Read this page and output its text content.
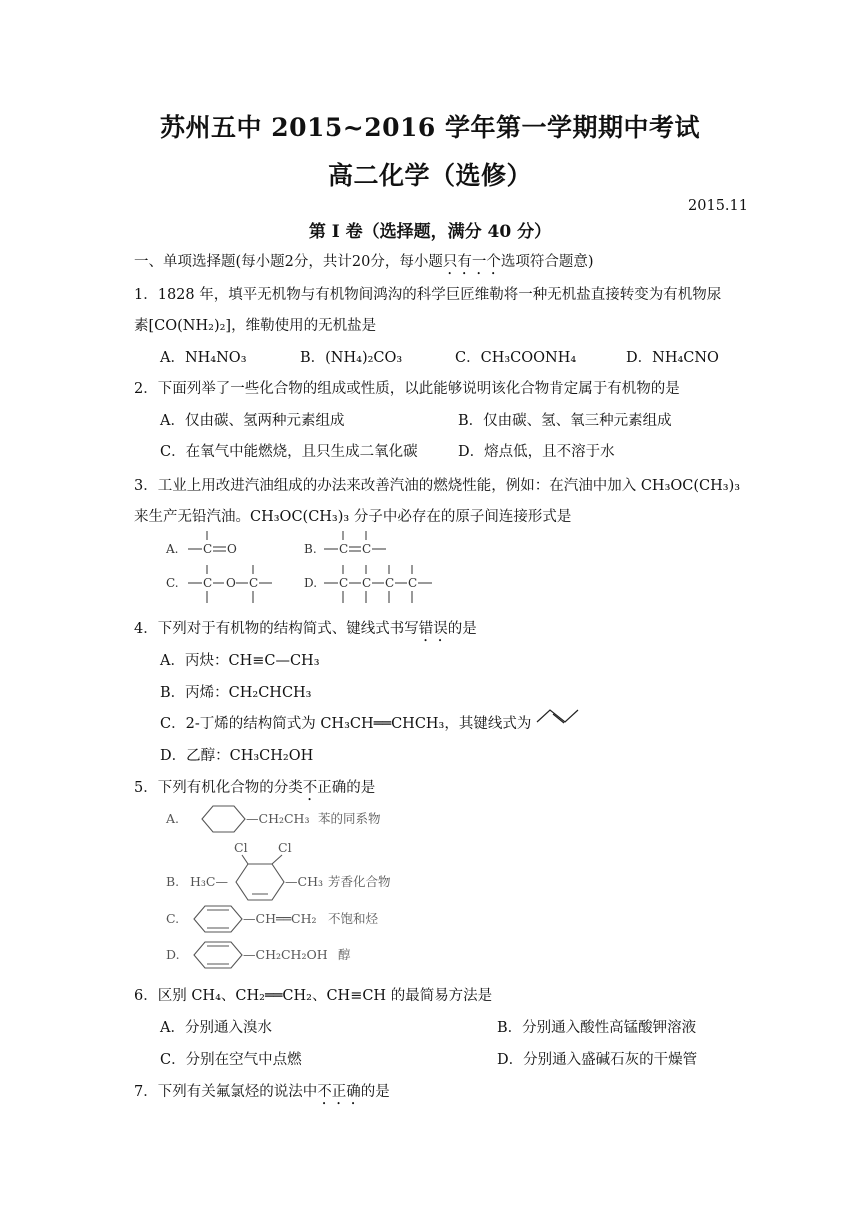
苏州五中 2015~2016 学年第一学期期中考试
高二化学（选修）
2015.11
第 I 卷（选择题，满分 40 分）
一、单项选择题(每小题2分，共计20分，每小题只有一个选项符合题意)
1．1828 年，填平无机物与有机物间鸿沟的科学巨匠维勒将一种无机盐直接转变为有机物尿
素[CO(NH₂)₂]，维勒使用的无机盐是
A．NH₄NO₃	B．(NH₄)₂CO₃	C．CH₃COONH₄	D．NH₄CNO
2．下面列举了一些化合物的组成或性质，以此能够说明该化合物肯定属于有机物的是
A．仅由碳、氢两种元素组成	B．仅由碳、氢、氧三种元素组成
C．在氧气中能燃烧，且只生成二氧化碳	D．熔点低，且不溶于水
3．工业上用改进汽油组成的办法来改善汽油的燃烧性能，例如：在汽油中加入 CH₃OC(CH₃)₃
来生产无铅汽油。CH₃OC(CH₃)₃ 分子中必存在的原子间连接形式是
A. C O	B. C C
C. C O C	D. C C C C
4．下列对于有机物的结构简式、键线式书写错误的是
A．丙炔：CH≡C—CH₃
B．丙烯：CH₂CHCH₃
C．2-丁烯的结构简式为 CH₃CH══CHCH₃，其键线式为
D．乙醇：CH₃CH₂OH
5．下列有机化合物的分类不正确的是
A.	—CH₂CH₃ 苯的同系物
Cl Cl
B. H₃C—	—CH₃ 芳香化合物
C.	—CH══CH₂ 不饱和烃
D.	—CH₂CH₂OH 醇
6．区别 CH₄、CH₂══CH₂、CH≡CH 的最简易方法是
A．分别通入溴水	B．分别通入酸性高锰酸钾溶液
C．分别在空气中点燃	D．分别通入盛碱石灰的干燥管
7．下列有关氟氯烃的说法中不正确的是
